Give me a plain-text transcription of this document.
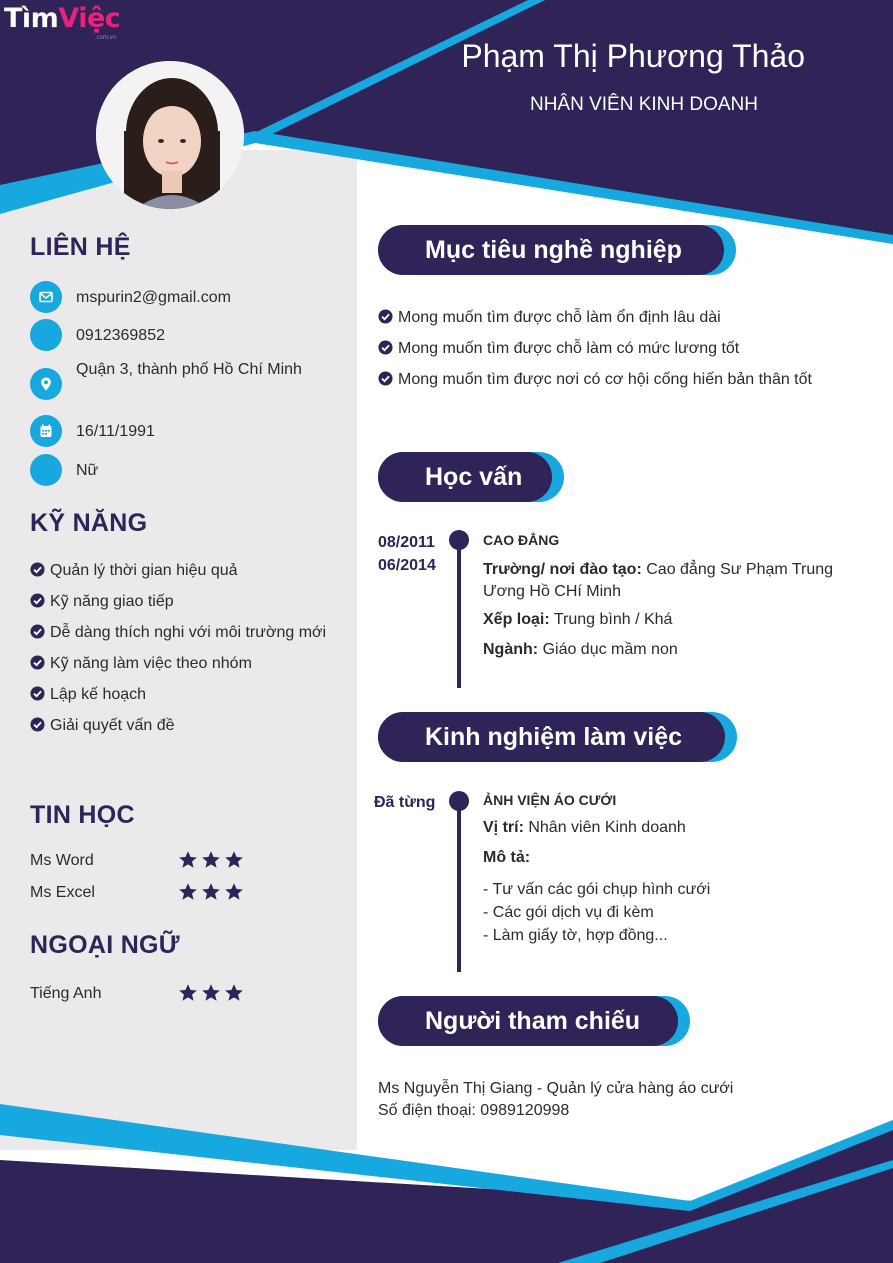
TìmViệc
.com.vn	Phạm Thị Phương Thảo
NHÂN VIÊN KINH DOANH
LIÊN HỆ
mspurin2@gmail.com
0912369852
Quận 3, thành phố Hồ Chí Minh
16/11/1991
Nữ
KỸ NĂNG
Quản lý thời gian hiệu quả
Kỹ năng giao tiếp
Dễ dàng thích nghi với môi trường mới
Kỹ năng làm việc theo nhóm
Lập kế hoạch
Giải quyết vấn đề
TIN HỌC
Ms Word
Ms Excel
NGOẠI NGỮ
Tiếng Anh
Mục tiêu nghề nghiệp
Mong muốn tìm được chỗ làm ổn định lâu dài
Mong muốn tìm được chỗ làm có mức lương tốt
Mong muốn tìm được nơi có cơ hội cống hiến bản thân tốt
Học vấn
08/2011
06/2014
CAO ĐẲNG
Trường/ nơi đào tạo: Cao đẳng Sư Phạm Trung Ương Hồ CHí Minh
Xếp loại: Trung bình / Khá
Ngành: Giáo dục mầm non
Kinh nghiệm làm việc
Đã từng	ẢNH VIỆN ÁO CƯỚI
Vị trí: Nhân viên Kinh doanh
Mô tả:
- Tư vấn các gói chụp hình cưới
- Các gói dịch vụ đi kèm
- Làm giấy tờ, hợp đồng...
Người tham chiếu
Ms Nguyễn Thị Giang - Quản lý cửa hàng áo cưới
Số điện thoại: 0989120998
